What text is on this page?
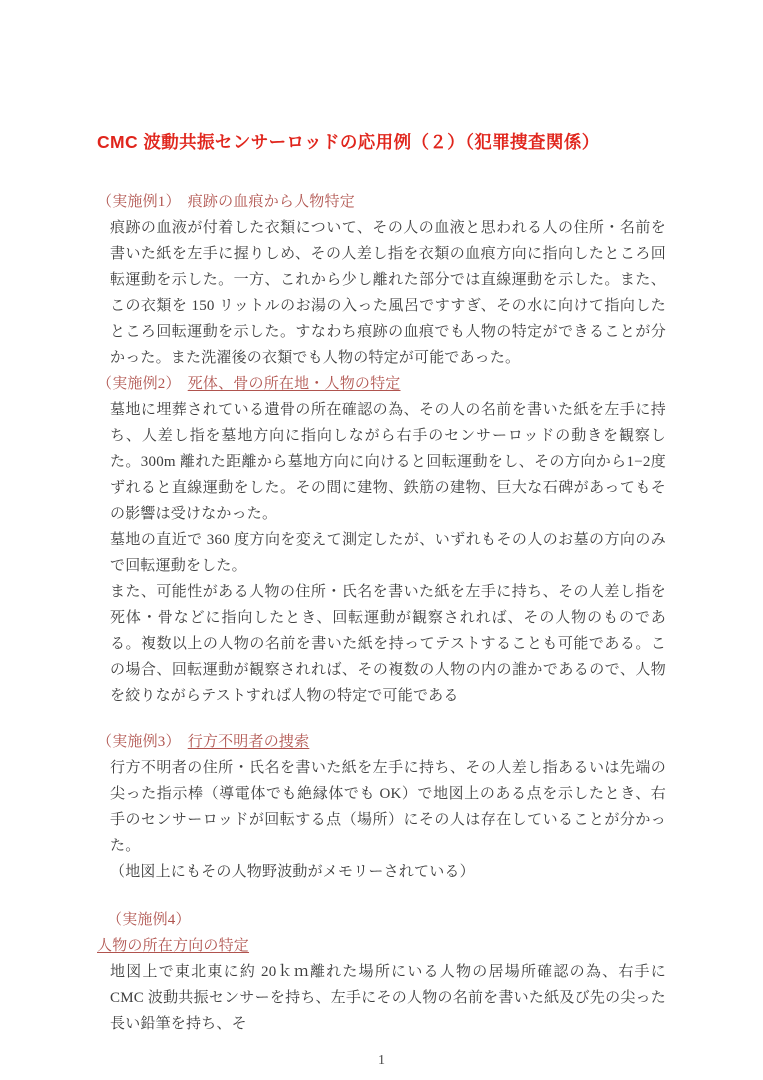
CMC 波動共振センサーロッドの応用例（２）（犯罪捜査関係）
（実施例1） 痕跡の血痕から人物特定

痕跡の血液が付着した衣類について、その人の血液と思われる人の住所・名前を書いた紙を左手に握りしめ、その人差し指を衣類の血痕方向に指向したところ回転運動を示した。一方、これから少し離れた部分では直線運動を示した。また、この衣類を 150 リットルのお湯の入った風呂ですすぎ、その水に向けて指向したところ回転運動を示した。すなわち痕跡の血痕でも人物の特定ができることが分かった。また洗濯後の衣類でも人物の特定が可能であった。

（実施例2） 死体、骨の所在地・人物の特定

墓地に埋葬されている遺骨の所在確認の為、その人の名前を書いた紙を左手に持ち、人差し指を墓地方向に指向しながら右手のセンサーロッドの動きを観察した。300m 離れた距離から墓地方向に向けると回転運動をし、その方向から1−2度ずれると直線運動をした。その間に建物、鉄筋の建物、巨大な石碑があってもその影響は受けなかった。

墓地の直近で 360 度方向を変えて測定したが、いずれもその人のお墓の方向のみで回転運動をした。

また、可能性がある人物の住所・氏名を書いた紙を左手に持ち、その人差し指を死体・骨などに指向したとき、回転運動が観察されれば、その人物のものである。複数以上の人物の名前を書いた紙を持ってテストすることも可能である。この場合、回転運動が観察されれば、その複数の人物の内の誰かであるので、人物を絞りながらテストすれば人物の特定で可能である

（実施例3） 行方不明者の捜索

行方不明者の住所・氏名を書いた紙を左手に持ち、その人差し指あるいは先端の尖った指示棒（導電体でも絶縁体でも OK）で地図上のある点を示したとき、右手のセンサーロッドが回転する点（場所）にその人は存在していることが分かった。

（地図上にもその人物野波動がメモリーされている）

（実施例4）
人物の所在方向の特定

地図上で東北東に約 20ｋｍ離れた場所にいる人物の居場所確認の為、右手に CMC 波動共振センサーを持ち、左手にその人物の名前を書いた紙及び先の尖った長い鉛筆を持ち、そ

1
